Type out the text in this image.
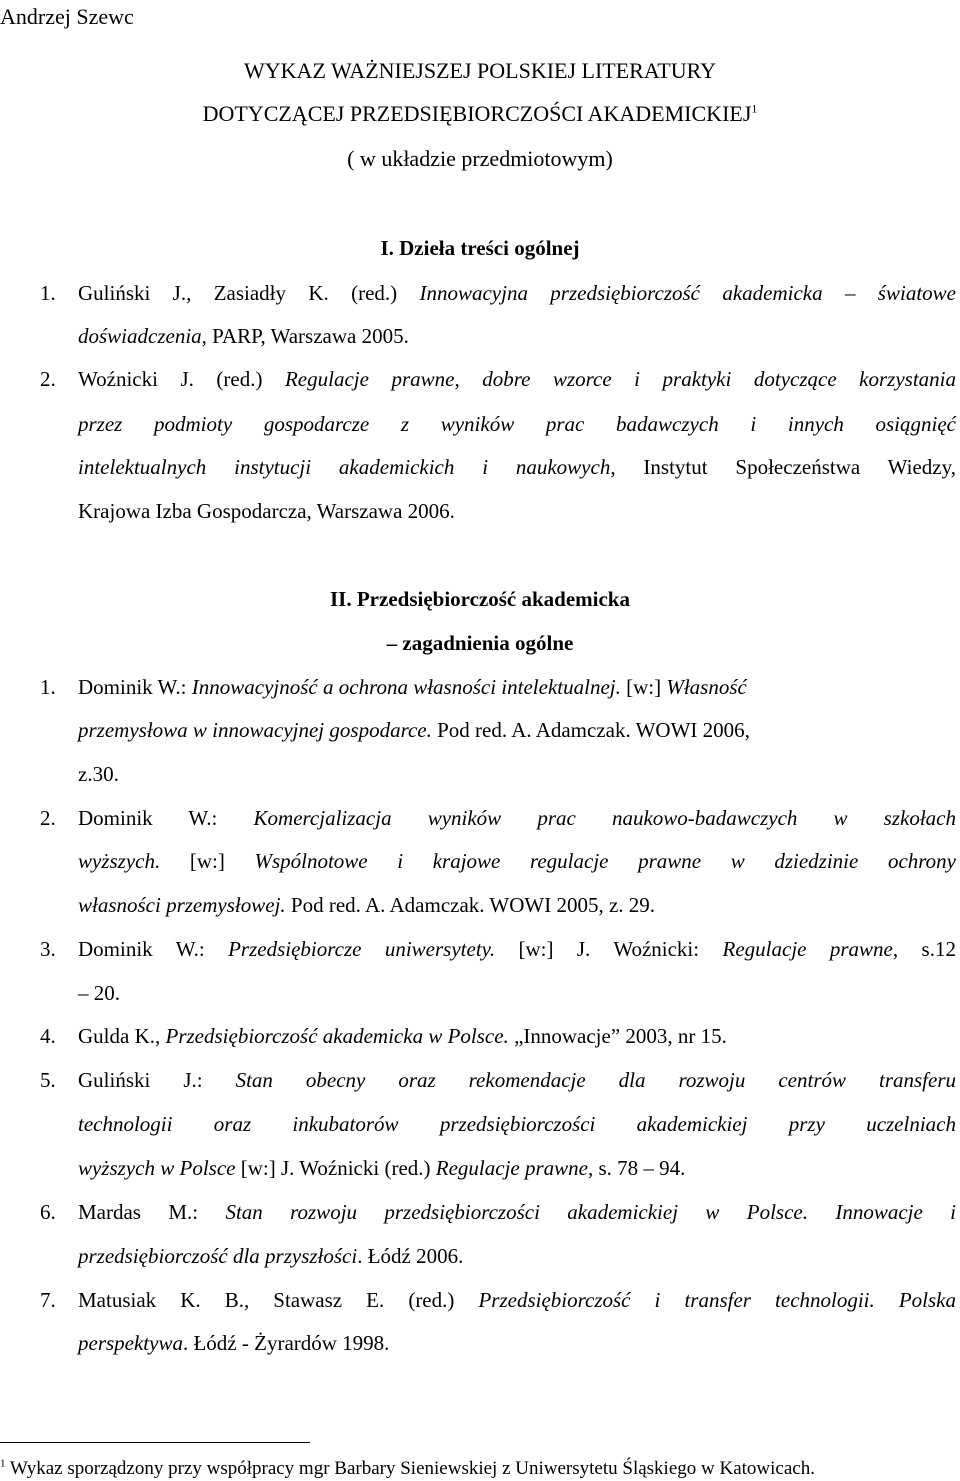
Andrzej Szewc
WYKAZ WAŻNIEJSZEJ POLSKIEJ LITERATURY
DOTYCZĄCEJ PRZEDSIĘBIORCZOŚCI AKADEMICKIEJ$^1$
( w układzie przedmiotowym)
I. Dzieła treści ogólnej
1. Guliński J., Zasiadły K. (red.) Innowacyjna przedsiębiorczość akademicka – światowe
doświadczenia, PARP, Warszawa 2005.
2. Woźnicki J. (red.) Regulacje prawne, dobre wzorce i praktyki dotyczące korzystania
przez podmioty gospodarcze z wyników prac badawczych i innych osiągnięć
intelektualnych instytucji akademickich i naukowych, Instytut Społeczeństwa Wiedzy,
Krajowa Izba Gospodarcza, Warszawa 2006.
II. Przedsiębiorczość akademicka
– zagadnienia ogólne
1. Dominik W.: Innowacyjność a ochrona własności intelektualnej. [w:] Własność
przemysłowa w innowacyjnej gospodarce. Pod red. A. Adamczak. WOWI 2006,
z.30.
2. Dominik W.: Komercjalizacja wyników prac naukowo-badawczych w szkołach
wyższych. [w:] Wspólnotowe i krajowe regulacje prawne w dziedzinie ochrony
własności przemysłowej. Pod red. A. Adamczak. WOWI 2005, z. 29.
3. Dominik W.: Przedsiębiorcze uniwersytety. [w:] J. Woźnicki: Regulacje prawne, s.12
– 20.
4. Gulda K., Przedsiębiorczość akademicka w Polsce. „Innowacje” 2003, nr 15.
5. Guliński J.: Stan obecny oraz rekomendacje dla rozwoju centrów transferu
technologii oraz inkubatorów przedsiębiorczości akademickiej przy uczelniach
wyższych w Polsce [w:] J. Woźnicki (red.) Regulacje prawne, s. 78 – 94.
6. Mardas M.: Stan rozwoju przedsiębiorczości akademickiej w Polsce. Innowacje i
przedsiębiorczość dla przyszłości. Łódź 2006.
7. Matusiak K. B., Stawasz E. (red.) Przedsiębiorczość i transfer technologii. Polska
perspektywa. Łódź - Żyrardów 1998.
$^1$ Wykaz sporządzony przy współpracy mgr Barbary Sieniewskiej z Uniwersytetu Śląskiego w Katowicach.
